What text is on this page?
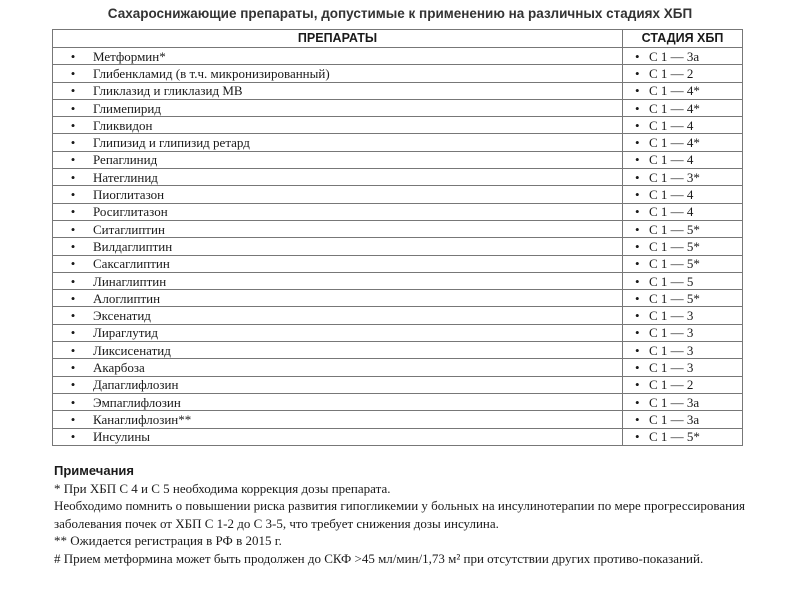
Сахароснижающие препараты, допустимые к применению на различных стадиях ХБП
ПРЕПАРАТЫ	СТАДИЯ ХБП
• Метформин*	• С 1 — 3а
• Глибенкламид (в т.ч. микронизированный)	• С 1 — 2
• Гликлазид и гликлазид МВ	• С 1 — 4*
• Глимепирид	• С 1 — 4*
• Гликвидон	• С 1 — 4
• Глипизид и глипизид ретард	• С 1 — 4*
• Репаглинид	• С 1 — 4
• Натеглинид	• С 1 — 3*
• Пиоглитазон	• С 1 — 4
• Росиглитазон	• С 1 — 4
• Ситаглиптин	• С 1 — 5*
• Вилдаглиптин	• С 1 — 5*
• Саксаглиптин	• С 1 — 5*
• Линаглиптин	• С 1 — 5
• Алоглиптин	• С 1 — 5*
• Эксенатид	• С 1 — 3
• Лираглутид	• С 1 — 3
• Ликсисенатид	• С 1 — 3
• Акарбоза	• С 1 — 3
• Дапаглифлозин	• С 1 — 2
• Эмпаглифлозин	• С 1 — 3а
• Канаглифлозин**	• С 1 — 3а
• Инсулины	• С 1 — 5*
Примечания

* При ХБП С 4 и С 5 необходима коррекция дозы препарата.

Необходимо помнить о повышении риска развития гипогликемии у больных на инсулинотерапии по мере прогрессирования заболевания почек от ХБП С 1-2 до С 3-5, что требует снижения дозы инсулина.

** Ожидается регистрация в РФ в 2015 г.

# Прием метформина может быть продолжен до СКФ >45 мл/мин/1,73 м² при отсутствии других противо-показаний.
